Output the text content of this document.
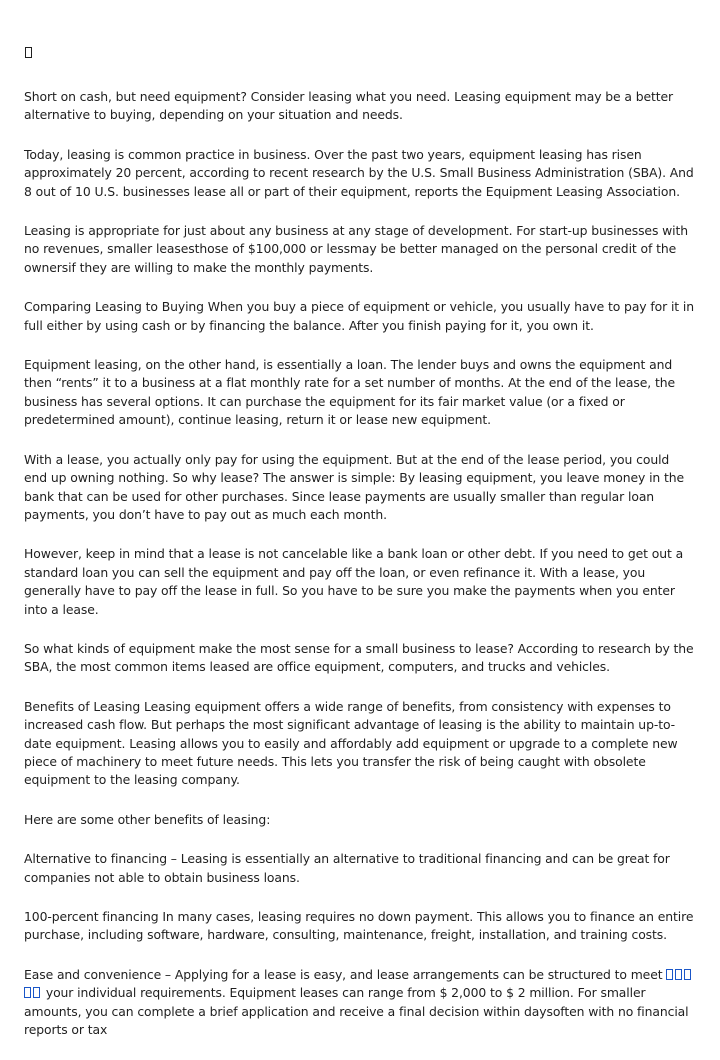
Short on cash, but need equipment? Consider leasing what you need. Leasing equipment may be a better alternative to buying, depending on your situation and needs.

Today, leasing is common practice in business. Over the past two years, equipment leasing has risen approximately 20 percent, according to recent research by the U.S. Small Business Administration (SBA). And 8 out of 10 U.S. businesses lease all or part of their equipment, reports the Equipment Leasing Association.

Leasing is appropriate for just about any business at any stage of development. For start-up businesses with no revenues, smaller leasesthose of $100,000 or lessmay be better managed on the personal credit of the ownersif they are willing to make the monthly payments.

Comparing Leasing to Buying When you buy a piece of equipment or vehicle, you usually have to pay for it in full either by using cash or by financing the balance. After you finish paying for it, you own it.

Equipment leasing, on the other hand, is essentially a loan. The lender buys and owns the equipment and then “rents” it to a business at a flat monthly rate for a set number of months. At the end of the lease, the business has several options. It can purchase the equipment for its fair market value (or a fixed or predetermined amount), continue leasing, return it or lease new equipment.

With a lease, you actually only pay for using the equipment. But at the end of the lease period, you could end up owning nothing. So why lease? The answer is simple: By leasing equipment, you leave money in the bank that can be used for other purchases. Since lease payments are usually smaller than regular loan payments, you don’t have to pay out as much each month.

However, keep in mind that a lease is not cancelable like a bank loan or other debt. If you need to get out a standard loan you can sell the equipment and pay off the loan, or even refinance it. With a lease, you generally have to pay off the lease in full. So you have to be sure you make the payments when you enter into a lease.

So what kinds of equipment make the most sense for a small business to lease? According to research by the SBA, the most common items leased are office equipment, computers, and trucks and vehicles.

Benefits of Leasing Leasing equipment offers a wide range of benefits, from consistency with expenses to increased cash flow. But perhaps the most significant advantage of leasing is the ability to maintain up-to-date equipment. Leasing allows you to easily and affordably add equipment or upgrade to a complete new piece of machinery to meet future needs. This lets you transfer the risk of being caught with obsolete equipment to the leasing company.

Here are some other benefits of leasing:

Alternative to financing – Leasing is essentially an alternative to traditional financing and can be great for companies not able to obtain business loans.

100-percent financing In many cases, leasing requires no down payment. This allows you to finance an entire purchase, including software, hardware, consulting, maintenance, freight, installation, and training costs.

Ease and convenience – Applying for a lease is easy, and lease arrangements can be structured to meet  your individual requirements. Equipment leases can range from $ 2,000 to $ 2 million. For smaller amounts, you can complete a brief application and receive a final decision within daysoften with no financial reports or tax
